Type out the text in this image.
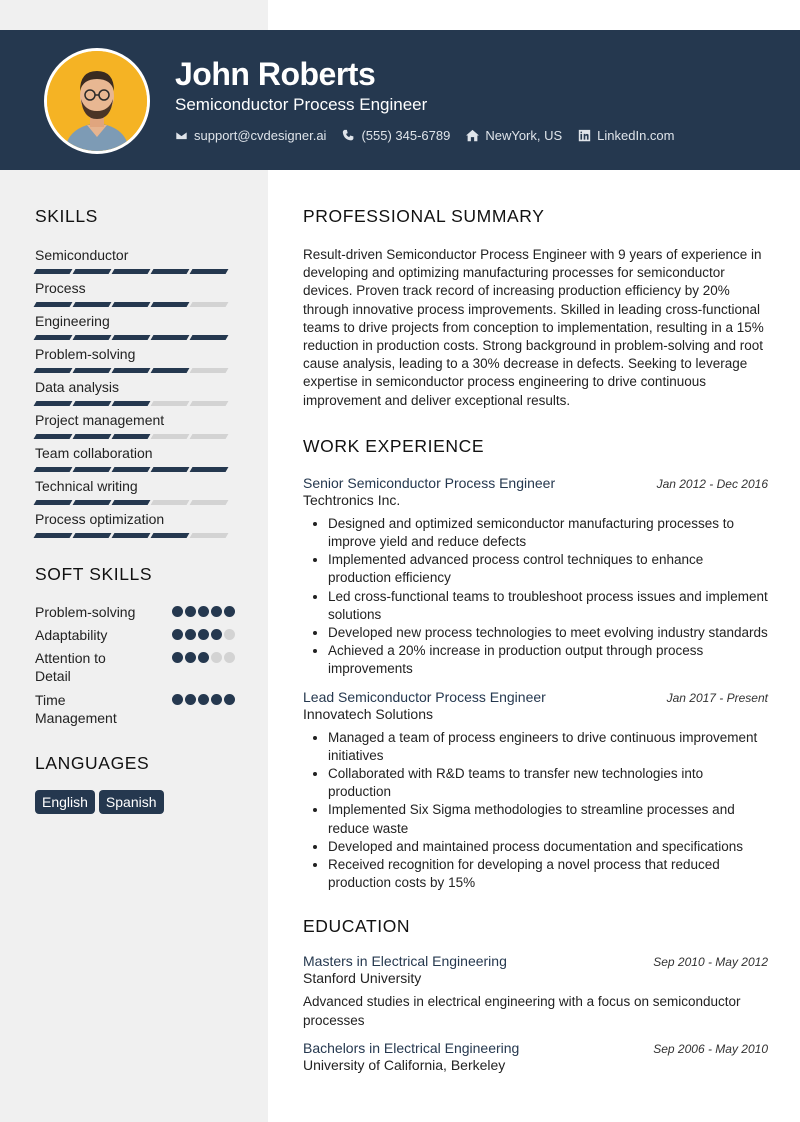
John Roberts
Semiconductor Process Engineer
support@cvdesigner.ai	(555) 345-6789	NewYork, US	LinkedIn.com
SKILLS
Semiconductor
Process
Engineering
Problem-solving
Data analysis
Project management
Team collaboration
Technical writing
Process optimization
SOFT SKILLS
Problem-solving
Adaptability
Attention to Detail
Time Management
LANGUAGES
English	Spanish
PROFESSIONAL SUMMARY

Result-driven Semiconductor Process Engineer with 9 years of experience in developing and optimizing manufacturing processes for semiconductor devices. Proven track record of increasing production efficiency by 20% through innovative process improvements. Skilled in leading cross-functional teams to drive projects from conception to implementation, resulting in a 15% reduction in production costs. Strong background in problem-solving and root cause analysis, leading to a 30% decrease in defects. Seeking to leverage expertise in semiconductor process engineering to drive continuous improvement and deliver exceptional results.

WORK EXPERIENCE
Senior Semiconductor Process Engineer	Jan 2012 - Dec 2016
Techtronics Inc.
• Designed and optimized semiconductor manufacturing processes to improve yield and reduce defects
• Implemented advanced process control techniques to enhance production efficiency
• Led cross-functional teams to troubleshoot process issues and implement solutions
• Developed new process technologies to meet evolving industry standards
• Achieved a 20% increase in production output through process improvements
Lead Semiconductor Process Engineer	Jan 2017 - Present
Innovatech Solutions
• Managed a team of process engineers to drive continuous improvement initiatives
• Collaborated with R&D teams to transfer new technologies into production
• Implemented Six Sigma methodologies to streamline processes and reduce waste
• Developed and maintained process documentation and specifications
• Received recognition for developing a novel process that reduced production costs by 15%
EDUCATION
Masters in Electrical Engineering	Sep 2010 - May 2012
Stanford University

Advanced studies in electrical engineering with a focus on semiconductor processes

Bachelors in Electrical Engineering	Sep 2006 - May 2010
University of California, Berkeley
